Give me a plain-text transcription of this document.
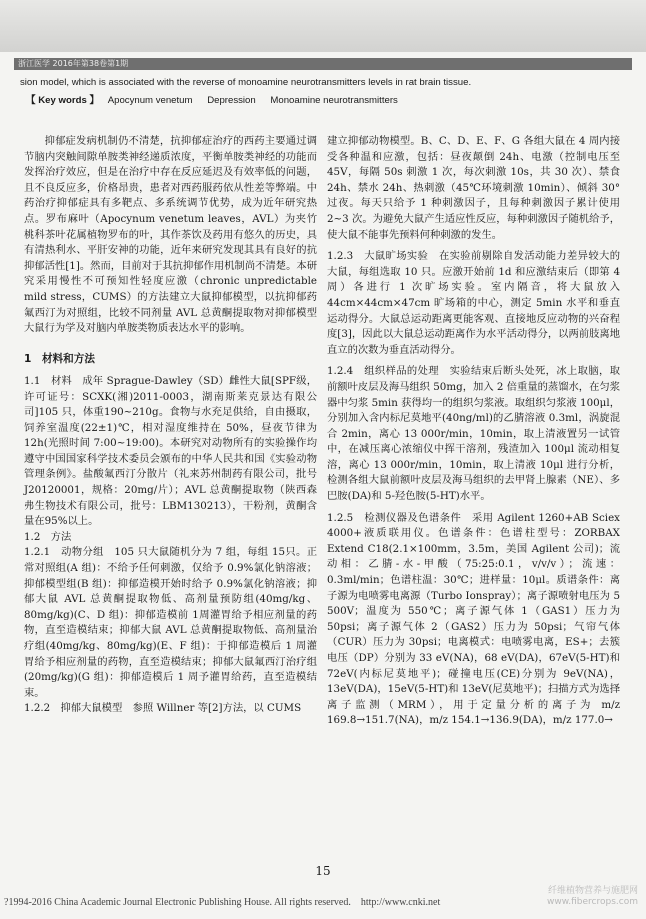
浙江医学 2016年第38卷第1期
sion model, which is associated with the reverse of monoamine neurotransmitters levels in rat brain tissue.
【 Key words 】 Apocynum venetum Depression Monoamine neurotransmitters

抑郁症发病机制仍不清楚，抗抑郁症治疗的西药主要通过调节脑内突触间隙单胺类神经递质浓度，平衡单胺类神经的功能而发挥治疗效应，但是在治疗中存在反应延迟及有效率低的问题，且不良反应多，价格昂贵，患者对西药服药依从性差等弊端。中药治疗抑郁症具有多靶点、多系统调节优势，成为近年研究热点。罗布麻叶（Apocynum venetum leaves，AVL）为夹竹桃科茶叶花属植物罗布的叶，其作茶饮及药用有悠久的历史，具有清热利水、平肝安神的功能，近年来研究发现其具有良好的抗抑郁活性[1]。然而，目前对于其抗抑郁作用机制尚不清楚。本研究采用慢性不可预知性轻度应激（chronic unpredictable mild stress，CUMS）的方法建立大鼠抑郁模型，以抗抑郁药氟西汀为对照组，比较不同剂量 AVL 总黄酮提取物对抑郁模型大鼠行为学及对脑内单胺类物质表达水平的影响。

1　材料和方法

1.1　材料　成年 Sprague-Dawley（SD）雌性大鼠[SPF级，许可证号：SCXK(湘)2011-0003，湖南斯莱克景达有限公司]105 只，体重190~210g。食物与水充足供给，自由摄取，饲养室温度(22±1)℃，相对湿度维持在 50%，昼夜节律为 12h(光照时间 7:00~19:00)。本研究对动物所有的实验操作均遵守中国国家科学技术委员会颁布的中华人民共和国《实验动物管理条例》。盐酸氟西汀分散片（礼来苏州制药有限公司，批号 J20120001，规格：20mg/片）；AVL 总黄酮提取物（陕西森弗生物技术有限公司，批号：LBM130213），干粉剂，黄酮含量在95%以上。

1.2　方法

1.2.1　动物分组　105 只大鼠随机分为 7 组，每组 15只。正常对照组(A 组)：不给予任何刺激，仅给予 0.9%氯化钠溶液；抑郁模型组(B 组)：抑郁造模开始时给予 0.9%氯化钠溶液；抑郁大鼠 AVL 总黄酮提取物低、高剂量预防组(40mg/kg、80mg/kg)(C、D 组)：抑郁造模前 1周灌胃给予相应剂量的药物，直至造模结束；抑郁大鼠 AVL 总黄酮提取物低、高剂量治疗组(40mg/kg、80mg/kg)(E、F 组)：于抑郁造模后 1 周灌胃给予相应剂量的药物，直至造模结束；抑郁大鼠氟西汀治疗组(20mg/kg)(G 组)：抑郁造模后 1 周予灌胃给药，直至造模结束。

1.2.2　抑郁大鼠模型　参照 Willner 等[2]方法，以 CUMS

建立抑郁动物模型。B、C、D、E、F、G 各组大鼠在 4 周内接受各种温和应激，包括：昼夜颠倒 24h、电激（控制电压至 45V，每隔 50s 刺激 1 次，每次刺激 10s，共 30 次）、禁食 24h、禁水 24h、热刺激（45℃环境刺激 10min）、倾斜 30°过夜。每天只给予 1 种刺激因子，且每种刺激因子累计使用 2~3 次。为避免大鼠产生适应性反应，每种刺激因子随机给予，使大鼠不能事先预料何种刺激的发生。

1.2.3　大鼠旷场实验　在实验前剔除自发活动能力差异较大的大鼠，每组选取 10 只。应激开始前 1d 和应激结束后（即第 4 周）各进行 1 次旷场实验。室内隔音，将大鼠放入 44cm×44cm×47cm 旷场箱的中心，测定 5min 水平和垂直运动得分。大鼠总运动距离更能客观、直接地反应动物的兴奋程度[3]，因此以大鼠总运动距离作为水平活动得分，以两前肢离地直立的次数为垂直活动得分。

1.2.4　组织样品的处理　实验结束后断头处死，冰上取脑，取前额叶皮层及海马组织 50mg，加入 2 倍重量的蒸馏水，在匀浆器中匀浆 5min 获得均一的组织匀浆液。取组织匀浆液 100μl，分别加入含内标尼莫地平(40ng/ml)的乙腈溶液 0.3ml，涡旋混合 2min，离心 13 000r/min，10min，取上清液置另一试管中，在减压离心浓缩仪中挥干溶剂，残渣加入 100μl 流动相复溶，离心 13 000r/min，10min，取上清液 10μl 进行分析，检测各组大鼠前额叶皮层及海马组织的去甲肾上腺素（NE）、多巴胺(DA)和 5-羟色胺(5-HT)水平。

1.2.5　检测仪器及色谱条件　采用 Agilent 1260+AB Sciex 4000+液质联用仪。色谱条件：色谱柱型号：ZORBAX Extend C18(2.1×100mm，3.5m，美国 Agilent 公司)；流动相：乙腈-水-甲酸（75:25:0.1，v/v/v）；流速：0.3ml/min；色谱柱温：30℃；进样量：10μl。质谱条件：离子源为电喷雾电离源（Turbo Ionspray）；离子源喷射电压为 5 500V；温度为 550℃；离子源气体 1（GAS1）压力为 50psi；离子源气体 2（GAS2）压力为 50psi；气帘气体（CUR）压力为 30psi；电离模式：电喷雾电离，ES+；去簇电压（DP）分别为 33 eV(NA)，68 eV(DA)，67eV(5-HT)和 72eV(内标尼莫地平)；碰撞电压(CE)分别为 9eV(NA)，13eV(DA)，15eV(5-HT)和 13eV(尼莫地平)；扫描方式为选择离子监测（MRM），用于定量分析的离子为 m/z 169.8→151.7(NA)，m/z 154.1→136.9(DA)，m/z 177.0→

15
?1994-2016 China Academic Journal Electronic Publishing House. All rights reserved.　http://www.cnki.net
纤维植物营养与施肥网
www.fibercrops.com
